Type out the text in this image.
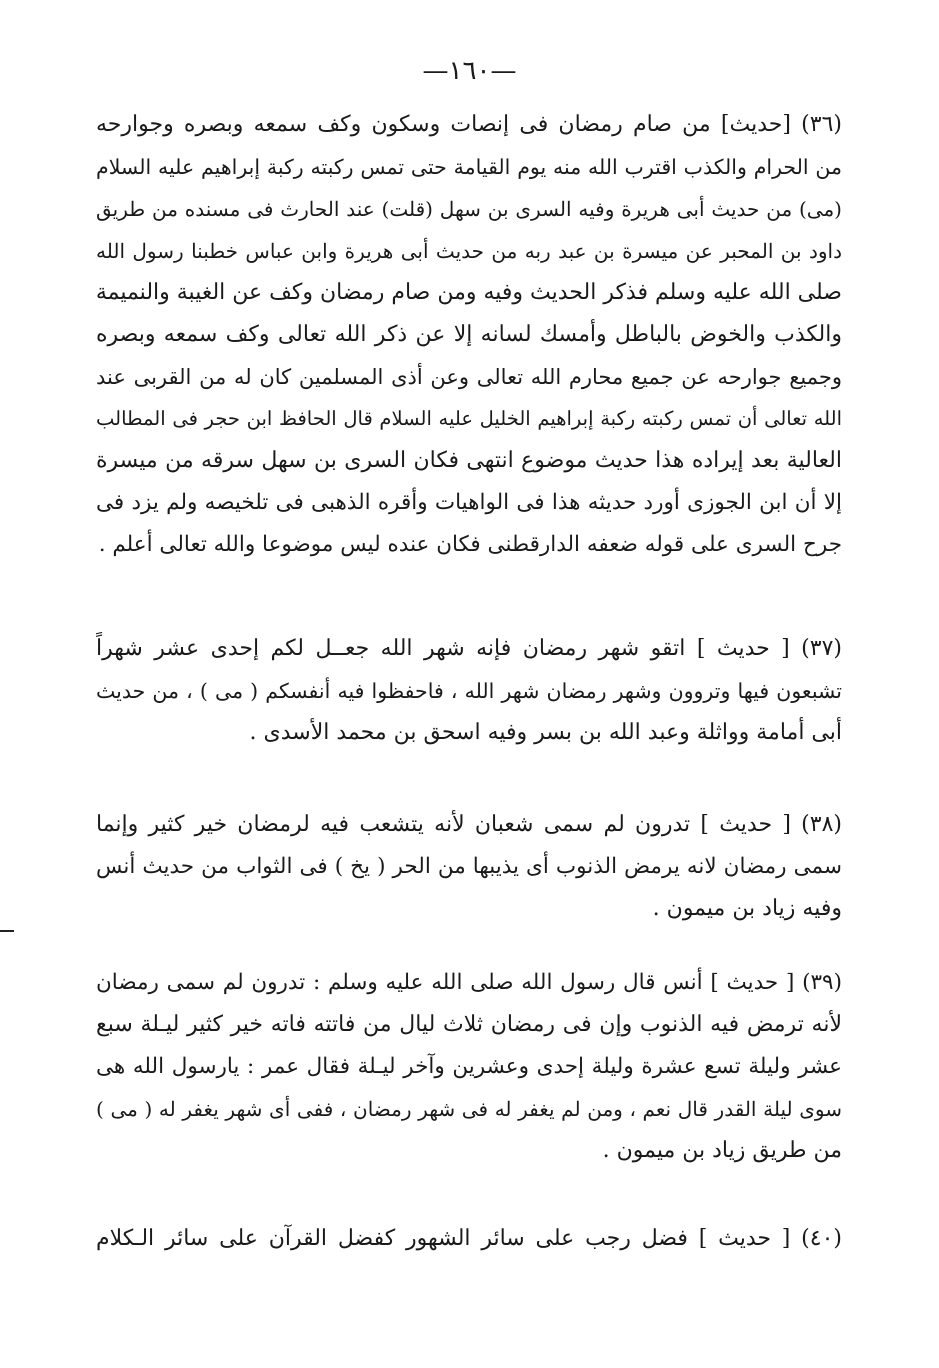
—١٦٠—
(٣٦) [حديث] من صام رمضان فى إنصات وسكون وكف سمعه وبصره وجوارحه
من الحرام والكذب اقترب الله منه يوم القيامة حتى تمس ركبته ركبة إبراهيم عليه السلام
(مى) من حديث أبى هريرة وفيه السرى بن سهل (قلت) عند الحارث فى مسنده من طريق
داود بن المحبر عن ميسرة بن عبد ربه من حديث أبى هريرة وابن عباس خطبنا رسول الله
صلى الله عليه وسلم فذكر الحديث وفيه ومن صام رمضان وكف عن الغيبة والنميمة
والكذب والخوض بالباطل وأمسك لسانه إلا عن ذكر الله تعالى وكف سمعه وبصره
وجميع جوارحه عن جميع محارم الله تعالى وعن أذى المسلمين كان له من القربى عند
الله تعالى أن تمس ركبته ركبة إبراهيم الخليل عليه السلام قال الحافظ ابن حجر فى المطالب
العالية بعد إيراده هذا حديث موضوع انتهى فكان السرى بن سهل سرقه من ميسرة
إلا أن ابن الجوزى أورد حديثه هذا فى الواهيات وأقره الذهبى فى تلخيصه ولم يزد فى
جرح السرى على قوله ضعفه الدارقطنى فكان عنده ليس موضوعا والله تعالى أعلم .
(٣٧) [ حديث ] اتقو شهر رمضان فإنه شهر الله جعــل لكم إحدى عشر شهراً
تشبعون فيها وتروون وشهر رمضان شهر الله ، فاحفظوا فيه أنفسكم ( مى ) ، من حديث
أبى أمامة وواثلة وعبد الله بن بسر وفيه اسحق بن محمد الأسدى .
(٣٨) [ حديث ] تدرون لم سمى شعبان لأنه يتشعب فيه لرمضان خير كثير وإنما
سمى رمضان لانه يرمض الذنوب أى يذيبها من الحر ( يخ ) فى الثواب من حديث أنس
وفيه زياد بن ميمون .
(٣٩) [ حديث ] أنس قال رسول الله صلى الله عليه وسلم : تدرون لم سمى رمضان
لأنه ترمض فيه الذنوب وإن فى رمضان ثلاث ليال من فاتته فاته خير كثير ليـلة سبع
عشر وليلة تسع عشرة وليلة إحدى وعشرين وآخر ليـلة فقال عمر : يارسول الله هى
سوى ليلة القدر قال نعم ، ومن لم يغفر له فى شهر رمضان ، ففى أى شهر يغفر له ( مى )
من طريق زياد بن ميمون .
(٤٠) [ حديث ] فضل رجب على سائر الشهور كفضل القرآن على سائر الـكلام
